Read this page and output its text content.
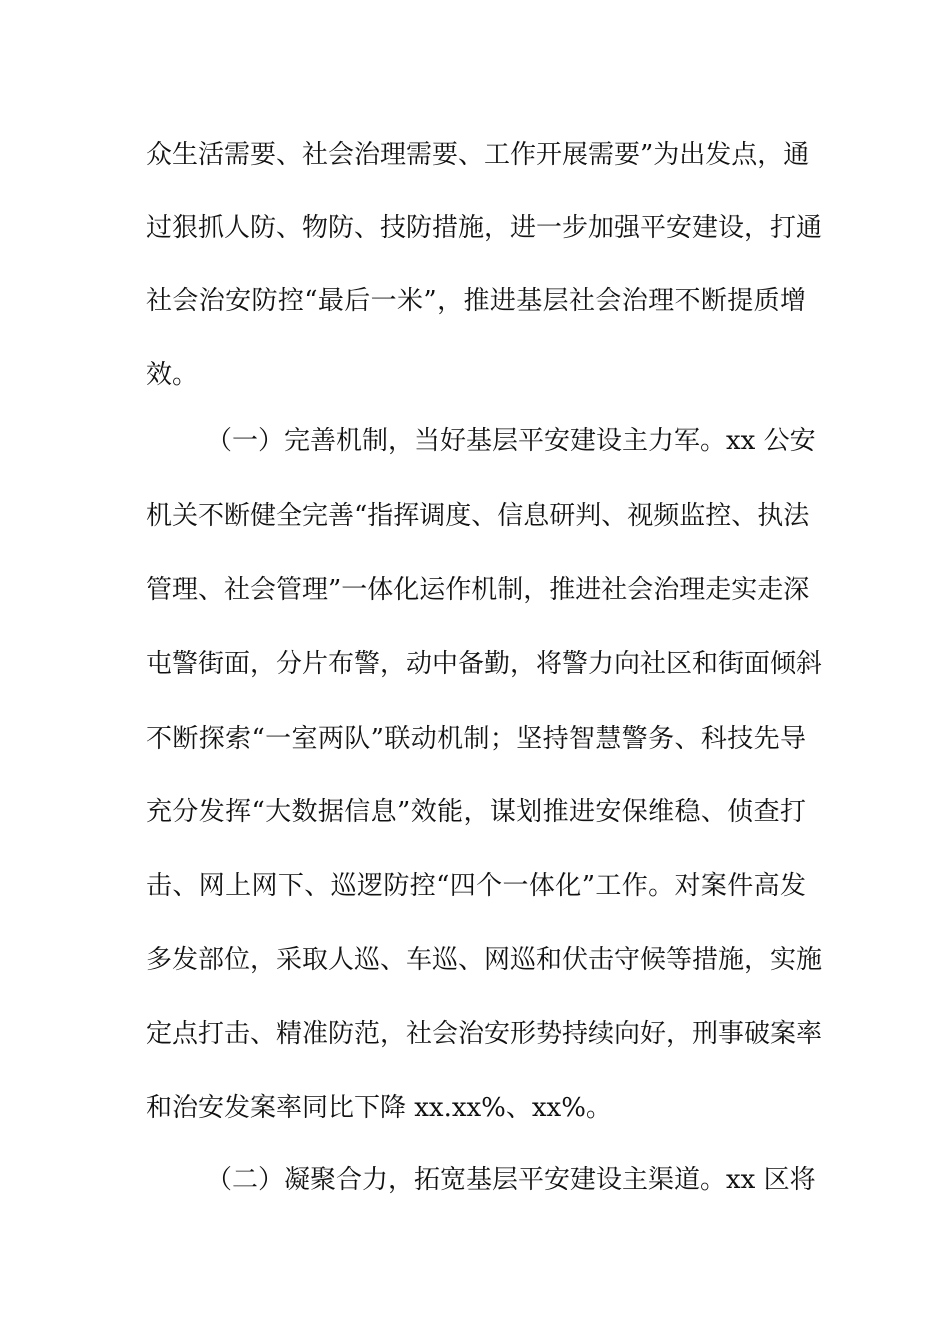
众生活需要、社会治理需要、工作开展需要”为出发点，通
过狠抓人防、物防、技防措施，进一步加强平安建设，打通
社会治安防控“最后一米”，推进基层社会治理不断提质增
效。
（一）完善机制，当好基层平安建设主力军。xx 公安
机关不断健全完善“指挥调度、信息研判、视频监控、执法
管理、社会管理”一体化运作机制，推进社会治理走实走深
屯警街面，分片布警，动中备勤，将警力向社区和街面倾斜
不断探索“一室两队”联动机制；坚持智慧警务、科技先导
充分发挥“大数据信息”效能，谋划推进安保维稳、侦查打
击、网上网下、巡逻防控“四个一体化”工作。对案件高发
多发部位，采取人巡、车巡、网巡和伏击守候等措施，实施
定点打击、精准防范，社会治安形势持续向好，刑事破案率
和治安发案率同比下降 xx.xx%、xx%。
（二）凝聚合力，拓宽基层平安建设主渠道。xx 区将
